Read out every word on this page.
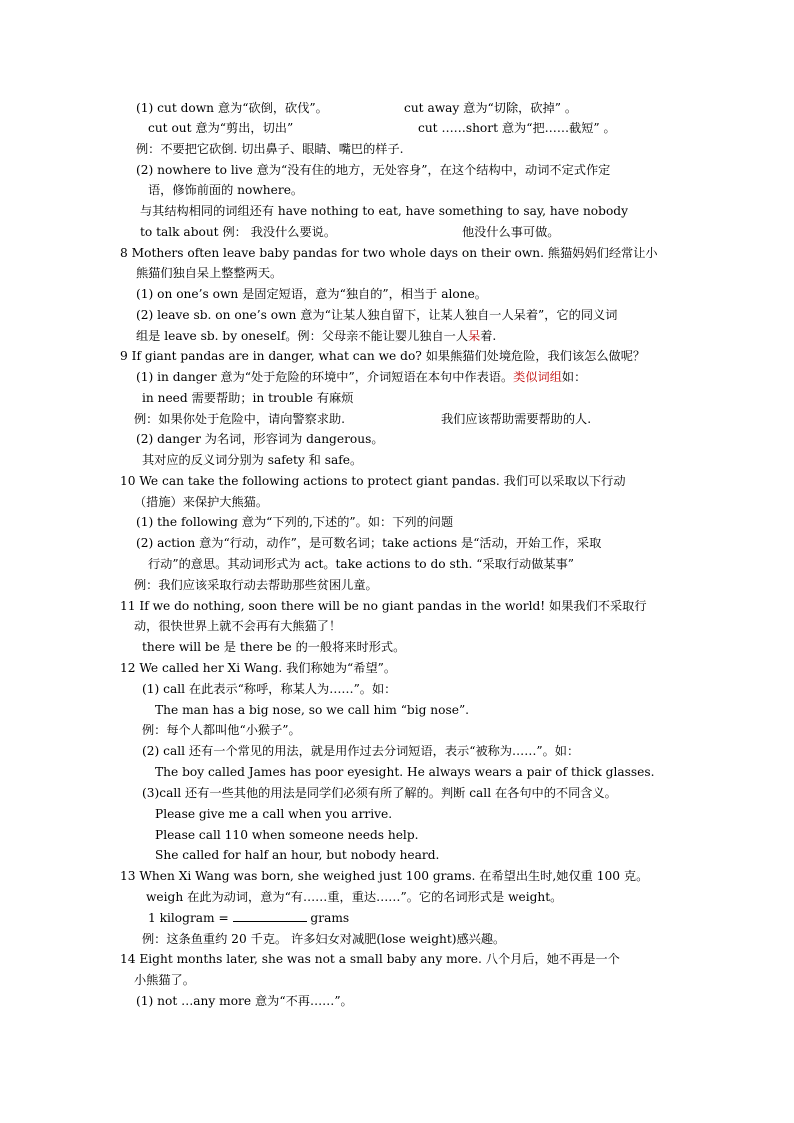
(1) cut down 意为“砍倒，砍伐”。	cut away 意为“切除，砍掉” 。
cut out 意为“剪出，切出”	cut ……short 意为“把……截短” 。
例：不要把它砍倒. 切出鼻子、眼睛、嘴巴的样子.
(2) nowhere to live 意为“没有住的地方，无处容身”，在这个结构中，动词不定式作定
语，修饰前面的 nowhere。
与其结构相同的词组还有 have nothing to eat, have something to say, have nobody
to talk about 例： 我没什么要说。	他没什么事可做。
8 Mothers often leave baby pandas for two whole days on their own. 熊猫妈妈们经常让小
熊猫们独自呆上整整两天。
(1) on one’s own 是固定短语，意为“独自的”，相当于 alone。
(2) leave sb. on one’s own 意为“让某人独自留下，让某人独自一人呆着”，它的同义词
组是 leave sb. by oneself。例：父母亲不能让婴儿独自一人呆着.
9 If giant pandas are in danger, what can we do? 如果熊猫们处境危险，我们该怎么做呢？
(1) in danger 意为“处于危险的环境中”，介词短语在本句中作表语。类似词组如：
in need 需要帮助；in trouble 有麻烦
例：如果你处于危险中，请向警察求助.	我们应该帮助需要帮助的人.
(2) danger 为名词，形容词为 dangerous。
其对应的反义词分别为 safety 和 safe。
10 We can take the following actions to protect giant pandas. 我们可以采取以下行动
（措施）来保护大熊猫。
(1) the following 意为“下列的,下述的”。如：下列的问题
(2) action 意为“行动，动作”，是可数名词；take actions 是“活动，开始工作，采取
行动”的意思。其动词形式为 act。take actions to do sth. “采取行动做某事”
例：我们应该采取行动去帮助那些贫困儿童。
11 If we do nothing, soon there will be no giant pandas in the world! 如果我们不采取行
动，很快世界上就不会再有大熊猫了！
there will be 是 there be 的一般将来时形式。
12 We called her Xi Wang. 我们称她为“希望”。
(1) call 在此表示“称呼，称某人为……”。如：
The man has a big nose, so we call him “big nose”.
例：每个人都叫他“小猴子”。
(2) call 还有一个常见的用法，就是用作过去分词短语，表示“被称为……”。如：
The boy called James has poor eyesight. He always wears a pair of thick glasses.
(3)call 还有一些其他的用法是同学们必须有所了解的。判断 call 在各句中的不同含义。
Please give me a call when you arrive.
Please call 110 when someone needs help.
She called for half an hour, but nobody heard.
13 When Xi Wang was born, she weighed just 100 grams. 在希望出生时,她仅重 100 克。
weigh 在此为动词，意为“有……重，重达……”。它的名词形式是 weight。
1 kilogram =	grams
例：这条鱼重约 20 千克。 许多妇女对减肥(lose weight)感兴趣。
14 Eight months later, she was not a small baby any more. 八个月后，她不再是一个
小熊猫了。
(1) not …any more 意为“不再……”。
